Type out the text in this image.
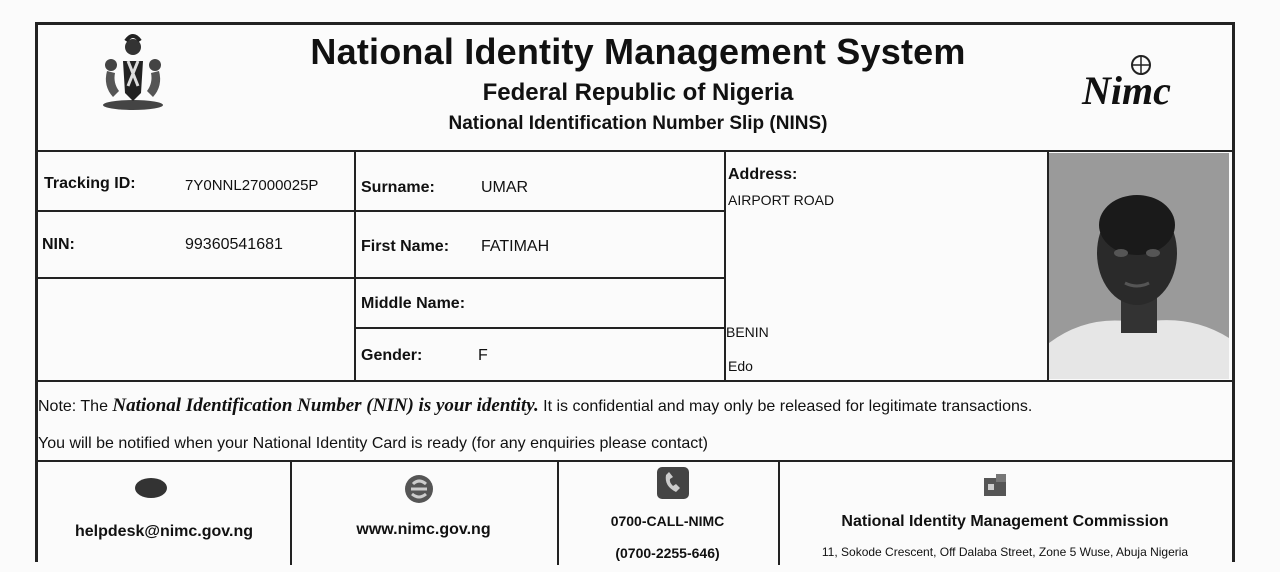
National Identity Management System
Federal Republic of Nigeria
National Identification Number Slip (NINS)
Nimc
Tracking ID:	7Y0NNL27000025P
NIN:	99360541681
Surname:	UMAR
First Name: FATIMAH
Middle Name:
Gender:	F
Address:
AIRPORT ROAD
BENIN
Edo
Note: The National Identification Number (NIN) is your identity. It is confidential and may only be released for legitimate transactions.
You will be notified when your National Identity Card is ready (for any enquiries please contact)
helpdesk@nimc.gov.ng	www.nimc.gov.ng	0700-CALL-NIMC
(0700-2255-646)
National Identity Management Commission
11, Sokode Crescent, Off Dalaba Street, Zone 5 Wuse, Abuja Nigeria
